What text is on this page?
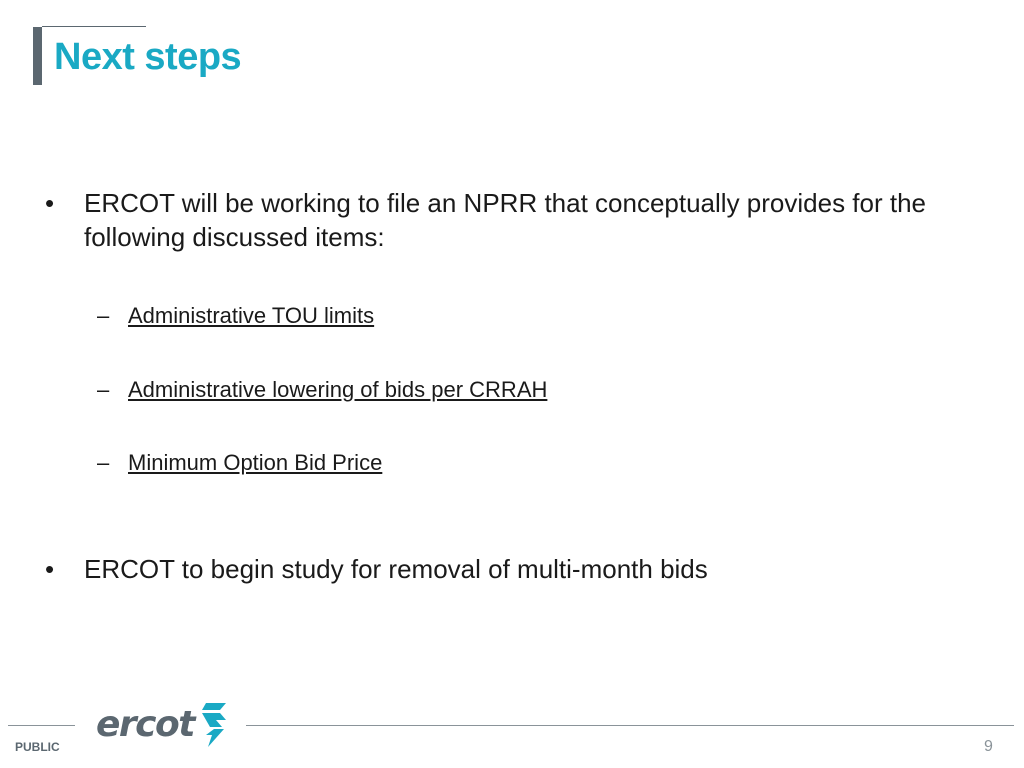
Next steps
• ERCOT will be working to file an NPRR that conceptually provides for the following discussed items:
– Administrative TOU limits
– Administrative lowering of bids per CRRAH
– Minimum Option Bid Price
• ERCOT to begin study for removal of multi-month bids
ercot
PUBLIC	9
